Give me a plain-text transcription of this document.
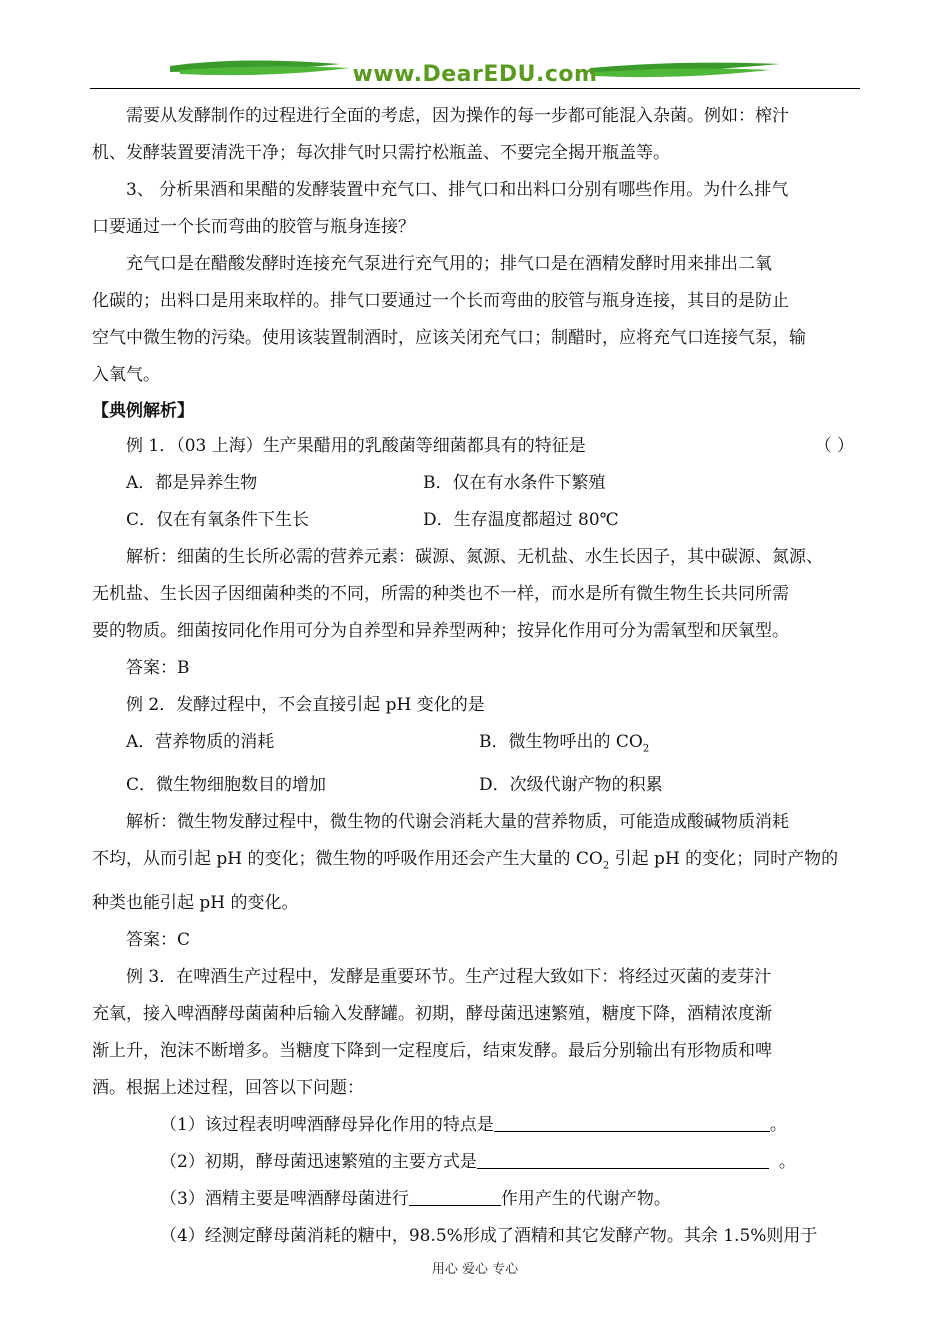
www.DearEDU.com

需要从发酵制作的过程进行全面的考虑，因为操作的每一步都可能混入杂菌。例如：榨汁

机、发酵装置要清洗干净；每次排气时只需拧松瓶盖、不要完全揭开瓶盖等。

3、 分析果酒和果醋的发酵装置中充气口、排气口和出料口分别有哪些作用。为什么排气

口要通过一个长而弯曲的胶管与瓶身连接？

充气口是在醋酸发酵时连接充气泵进行充气用的；排气口是在酒精发酵时用来排出二氧

化碳的；出料口是用来取样的。排气口要通过一个长而弯曲的胶管与瓶身连接，其目的是防止

空气中微生物的污染。使用该装置制酒时，应该关闭充气口；制醋时，应将充气口连接气泵，输

入氧气。

【典例解析】

例 1．（03 上海）生产果醋用的乳酸菌等细菌都具有的特征是	（ ）
A．都是异养生物	B．仅在有水条件下繁殖
C．仅在有氧条件下生长	D．生存温度都超过 80℃

解析：细菌的生长所必需的营养元素：碳源、氮源、无机盐、水生长因子，其中碳源、氮源、

无机盐、生长因子因细菌种类的不同，所需的种类也不一样，而水是所有微生物生长共同所需

要的物质。细菌按同化作用可分为自养型和异养型两种；按异化作用可分为需氧型和厌氧型。

答案：B

例 2．发酵过程中，不会直接引起 pH 变化的是

A．营养物质的消耗	B．微生物呼出的 $CO_2$
C．微生物细胞数目的增加	D．次级代谢产物的积累

解析：微生物发酵过程中，微生物的代谢会消耗大量的营养物质，可能造成酸碱物质消耗

不均，从而引起 pH 的变化；微生物的呼吸作用还会产生大量的 $CO_2$ 引起 pH 的变化；同时产物的

种类也能引起 pH 的变化。

答案：C

例 3．在啤酒生产过程中，发酵是重要环节。生产过程大致如下：将经过灭菌的麦芽汁

充氧，接入啤酒酵母菌菌种后输入发酵罐。初期，酵母菌迅速繁殖，糖度下降，酒精浓度渐

渐上升，泡沫不断增多。当糖度下降到一定程度后，结束发酵。最后分别输出有形物质和啤

酒。根据上述过程，回答以下问题：

（1）该过程表明啤酒酵母异化作用的特点是	。

（2）初期，酵母菌迅速繁殖的主要方式是	。

（3）酒精主要是啤酒酵母菌进行	作用产生的代谢产物。

（4）经测定酵母菌消耗的糖中，98.5%形成了酒精和其它发酵产物。其余 1.5%则用于

用心 爱心 专心
